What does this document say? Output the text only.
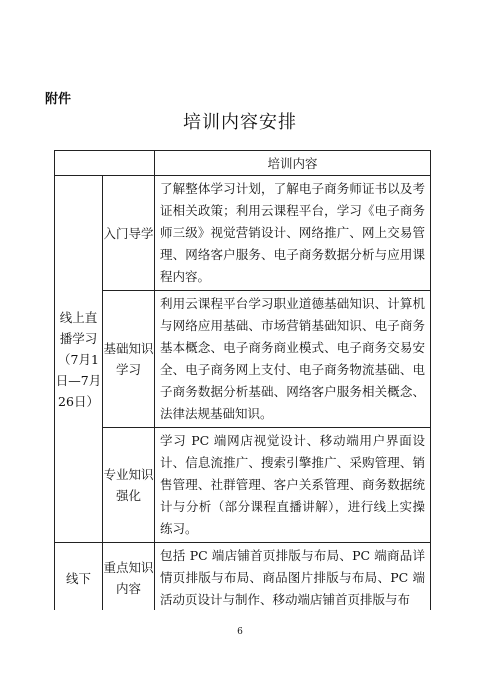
附件
培训内容安排
		培训内容
线上直播学习（7月1日—7月26日）	入门导学	了解整体学习计划，了解电子商务师证书以及考证相关政策；利用云课程平台，学习《电子商务师三级》视觉营销设计、网络推广、网上交易管理、网络客户服务、电子商务数据分析与应用课程内容。
	基础知识学习	利用云课程平台学习职业道德基础知识、计算机与网络应用基础、市场营销基础知识、电子商务基本概念、电子商务商业模式、电子商务交易安全、电子商务网上支付、电子商务物流基础、电子商务数据分析基础、网络客户服务相关概念、法律法规基础知识。
	专业知识强化	学习 PC 端网店视觉设计、移动端用户界面设计、信息流推广、搜索引擎推广、采购管理、销售管理、社群管理、客户关系管理、商务数据统计与分析（部分课程直播讲解），进行线上实操练习。
线下	重点知识内容	包括 PC 端店铺首页排版与布局、PC 端商品详情页排版与布局、商品图片排版与布局、PC 端活动页设计与制作、移动端店铺首页排版与布
6
